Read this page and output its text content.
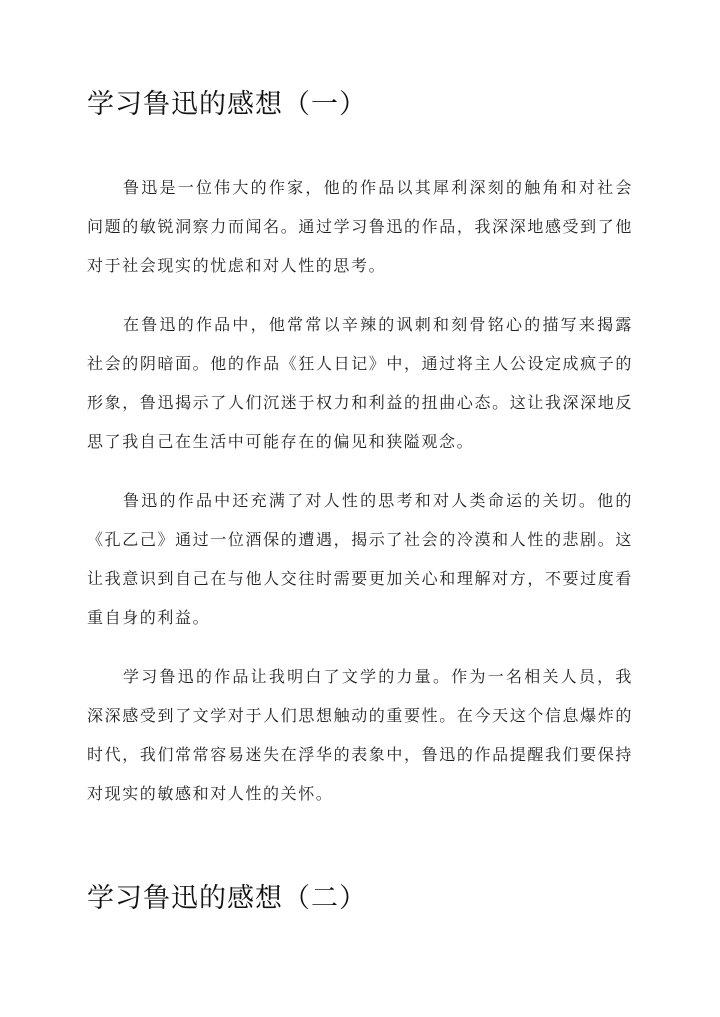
学习鲁迅的感想（一）

鲁迅是一位伟大的作家，他的作品以其犀利深刻的触角和对社会问题的敏锐洞察力而闻名。通过学习鲁迅的作品，我深深地感受到了他对于社会现实的忧虑和对人性的思考。

在鲁迅的作品中，他常常以辛辣的讽刺和刻骨铭心的描写来揭露社会的阴暗面。他的作品《狂人日记》中，通过将主人公设定成疯子的形象，鲁迅揭示了人们沉迷于权力和利益的扭曲心态。这让我深深地反思了我自己在生活中可能存在的偏见和狭隘观念。

鲁迅的作品中还充满了对人性的思考和对人类命运的关切。他的《孔乙己》通过一位酒保的遭遇，揭示了社会的冷漠和人性的悲剧。这让我意识到自己在与他人交往时需要更加关心和理解对方，不要过度看重自身的利益。

学习鲁迅的作品让我明白了文学的力量。作为一名相关人员，我深深感受到了文学对于人们思想触动的重要性。在今天这个信息爆炸的时代，我们常常容易迷失在浮华的表象中，鲁迅的作品提醒我们要保持对现实的敏感和对人性的关怀。

学习鲁迅的感想（二）
